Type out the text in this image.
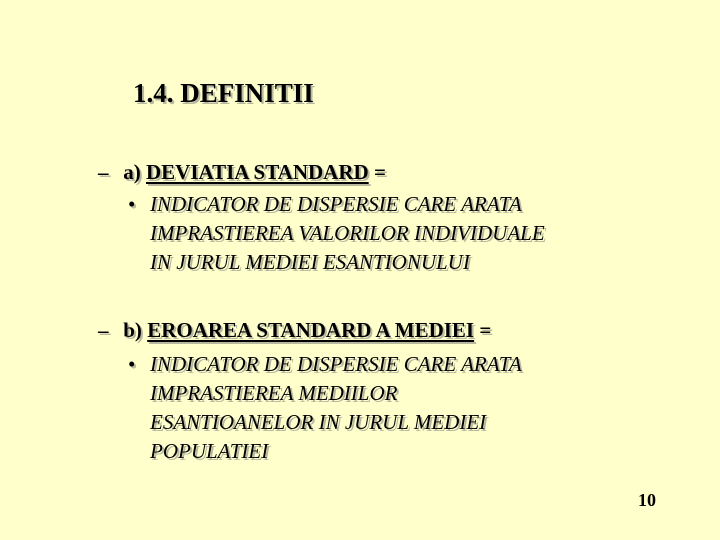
1.4. DEFINITII
– a) DEVIATIA STANDARD =
• INDICATOR DE DISPERSIE CARE ARATA
IMPRASTIEREA VALORILOR INDIVIDUALE
IN JURUL MEDIEI ESANTIONULUI
– b) EROAREA STANDARD A MEDIEI =
• INDICATOR DE DISPERSIE CARE ARATA
IMPRASTIEREA MEDIILOR
ESANTIOANELOR IN JURUL MEDIEI
POPULATIEI
10
